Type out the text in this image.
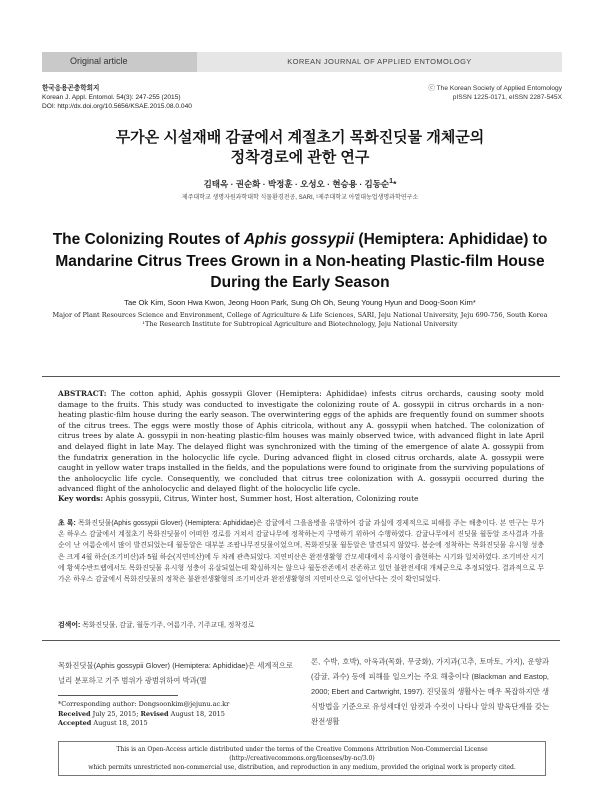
Original article	KOREAN JOURNAL OF APPLIED ENTOMOLOGY
한국응용곤충학회지
Korean J. Appl. Entomol. 54(3): 247-255 (2015)
DOI: http://dx.doi.org/10.5656/KSAE.2015.08.0.040
ⓒ The Korean Society of Applied Entomology
pISSN 1225-0171, eISSN 2287-545X
무가온 시설재배 감귤에서 계절초기 목화진딧물 개체군의
정착경로에 관한 연구
김태옥 · 권순화 · 박정훈 · 오성오 · 현승용 · 김동순$^1$*
제주대학교 생명자원과학대학 식물환경전공, SARI, ¹제주대학교 아열대농업생명과학연구소
The Colonizing Routes of Aphis gossypii (Hemiptera: Aphididae) to
Mandarine Citrus Trees Grown in a Non-heating Plastic-film House
During the Early Season
Tae Ok Kim, Soon Hwa Kwon, Jeong Hoon Park, Sung Oh Oh, Seung Young Hyun and Doog-Soon Kim*
Major of Plant Resources Science and Environment, College of Agriculture & Life Sciences, SARI, Jeju National University, Jeju 690-756, South Korea
¹The Research Institute for Subtropical Agriculture and Biotechnology, Jeju National University
ABSTRACT: The cotton aphid, Aphis gossypii Glover (Hemiptera: Aphididae) infests citrus orchards, causing sooty mold damage to the fruits. This study was conducted to investigate the colonizing route of A. gossypii in citrus orchards in a non-heating plastic-film house during the early season. The overwintering eggs of the aphids are frequently found on summer shoots of the citrus trees. The eggs were mostly those of Aphis citricola, without any A. gossypii when hatched. The colonization of citrus trees by alate A. gossypii in non-heating plastic-film houses was mainly observed twice, with advanced flight in late April and delayed flight in late May. The delayed flight was synchronized with the timing of the emergence of alate A. gossypii from the fundatrix generation in the holocyclic life cycle. During advanced flight in closed citrus orchards, alate A. gossypii were caught in yellow water traps installed in the fields, and the populations were found to originate from the surviving populations of the anholocyclic life cycle. Consequently, we concluded that citrus tree colonization with A. gossypii occurred during the advanced flight of the anholocyclic and delayed flight of the holocyclic life cycle.
Key words: Aphis gossypii, Citrus, Winter host, Summer host, Host alteration, Colonizing route
초 록: 목화진딧물(Aphis gossypii Glover) (Hemiptera: Aphididae)은 감귤에서 그을음병을 유발하여 감귤 과실에 경제적으로 피해를 주는 해충이다. 본 연구는 무가온 하우스 감귤에서 계절초기 목화진딧물이 어떠한 경로를 거쳐서 감귤나무에 정착하는지 구명하기 위하여 수행하였다. 감귤나무에서 진딧물 월동알 조사결과 가을순이 난 여름순에서 많이 발견되었는데 월동알은 대부분 조팝나무진딧물이었으며, 목화진딧물 월동알은 발견되지 않았다. 봄순에 정착하는 목화진딧물 유시형 성충은 크게 4월 하순(조기비산)과 5월 하순(지연비산)에 두 차례 관측되었다. 지연비산은 완전생활형 간모세대에서 유시형이 출현하는 시기와 일치하였다. 조기비산 시기에 황색수반트랩에서도 목화진딧물 유시형 성충이 유살되었는데 확실하지는 않으나 월동잔존에서 잔존하고 있던 불완전세대 개체군으로 추정되었다. 결과적으로 무가온 하우스 감귤에서 목화진딧물의 정착은 불완전생활형의 조기비산과 완전생활형의 지연비산으로 일어난다는 것이 확인되었다.
검색어: 목화진딧물, 감귤, 월동기주, 여름기주, 기주교대, 정착경로
목화진딧물(Aphis gossypii Glover) (Hemiptera: Aphididae)은 세계적으로 널리 분포하고 기주 범위가 광범위하여 박과(멜
론, 수박, 호박), 아욱과(목화, 무궁화), 가지과(고추, 토마토, 가지), 운향과(감귤, 과수) 등에 피해를 일으키는 주요 해충이다 (Blackman and Eastop, 2000; Ebert and Cartwright, 1997). 진딧물의 생활사는 매우 복잡하지만 생식방법을 기준으로 유성세대인 암컷과 수컷이 나타나 알의 발육단계를 갖는 완전생활
*Corresponding author: Dongsoonkim@jejunu.ac.kr
Received July 25, 2015; Revised August 18, 2015
Accepted August 18, 2015
This is an Open-Access article distributed under the terms of the Creative Commons Attribution Non-Commercial License (http://creativecommons.org/licenses/by-nc/3.0)
which permits unrestricted non-commercial use, distribution, and reproduction in any medium, provided the original work is properly cited.
